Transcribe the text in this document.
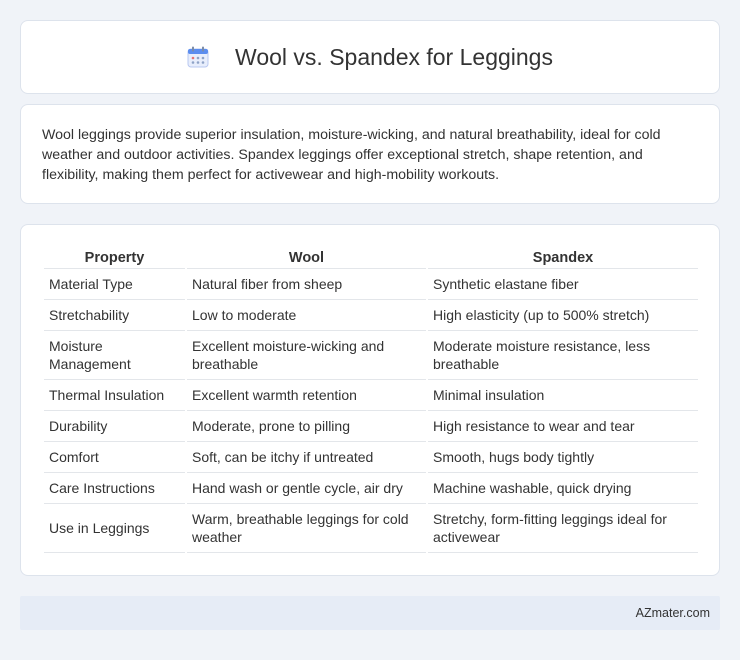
Wool vs. Spandex for Leggings

Wool leggings provide superior insulation, moisture-wicking, and natural breathability, ideal for cold weather and outdoor activities. Spandex leggings offer exceptional stretch, shape retention, and flexibility, making them perfect for activewear and high-mobility workouts.

Property	Wool	Spandex
Material Type	Natural fiber from sheep	Synthetic elastane fiber
Stretchability	Low to moderate	High elasticity (up to 500% stretch)
Moisture Management	Excellent moisture-wicking and breathable	Moderate moisture resistance, less breathable
Thermal Insulation	Excellent warmth retention	Minimal insulation
Durability	Moderate, prone to pilling	High resistance to wear and tear
Comfort	Soft, can be itchy if untreated	Smooth, hugs body tightly
Care Instructions	Hand wash or gentle cycle, air dry	Machine washable, quick drying
Use in Leggings	Warm, breathable leggings for cold weather	Stretchy, form-fitting leggings ideal for activewear
AZmater.com
